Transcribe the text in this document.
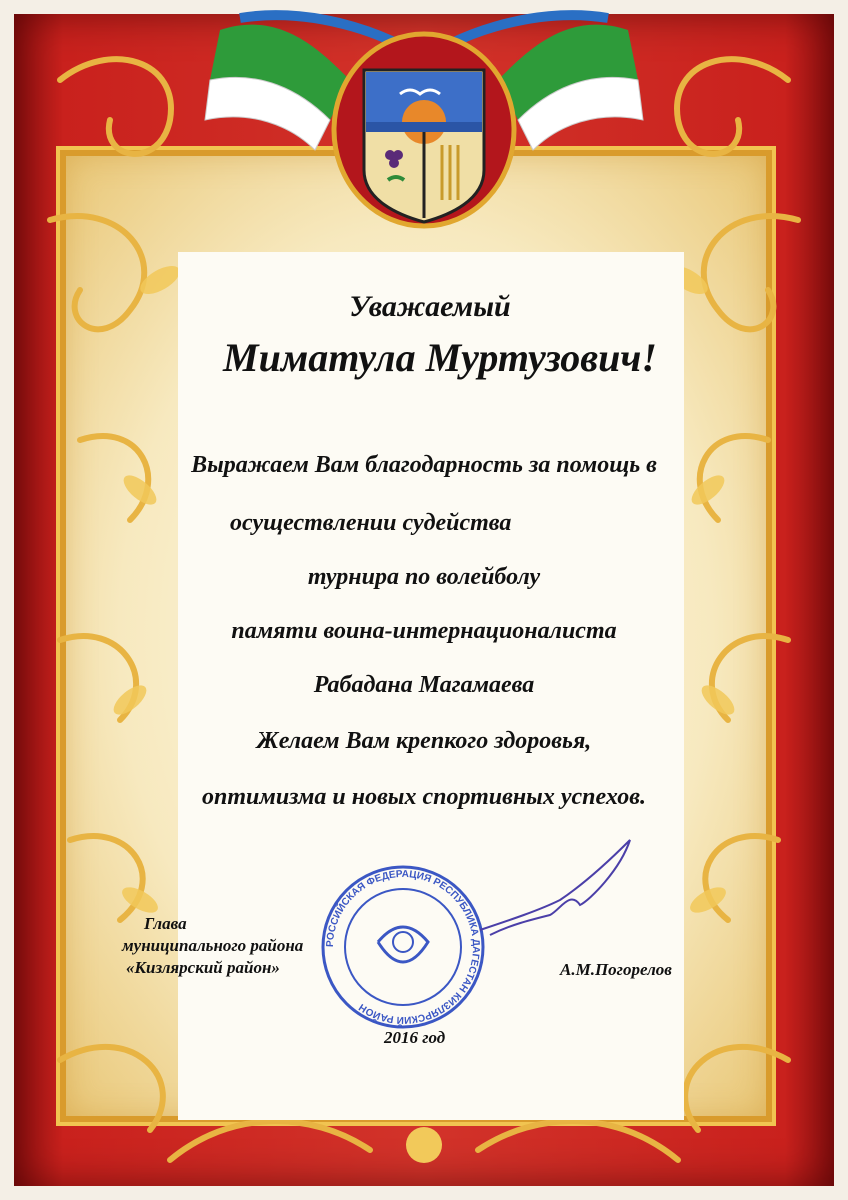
Уважаемый
Миматула Муртузович!
Выражаем Вам благодарность за помощь в
осуществлении судейства
турнира по волейболу
памяти воина-интернационалиста
Рабадана Магамаева
Желаем Вам крепкого здоровья,
оптимизма и новых спортивных успехов.
РОССИЙСКАЯ ФЕДЕРАЦИЯ РЕСПУБЛИКА ДАГЕСТАН КИЗЛЯРСКИЙ РАЙОН
Глава
муниципального района
«Кизлярский район»	А.М.Погорелов
2016 год
